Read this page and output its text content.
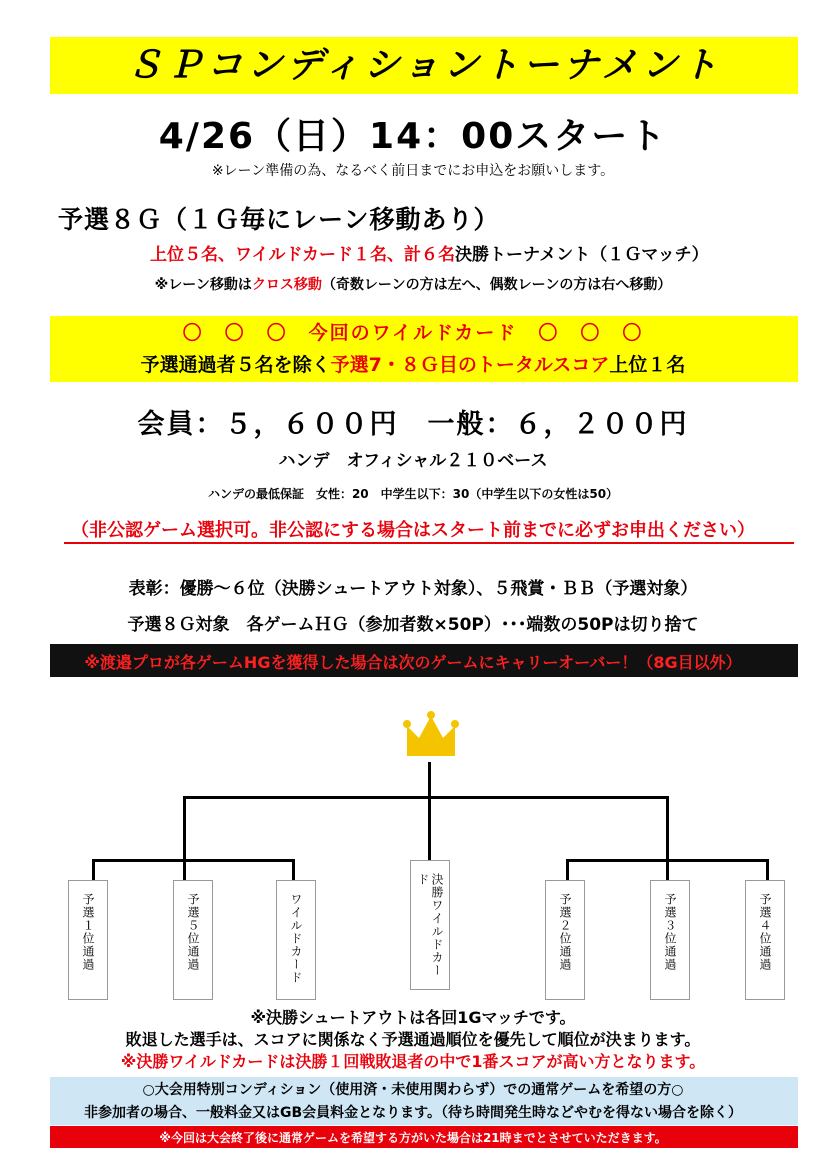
ＳＰコンディショントーナメント
4/26（日）14：00スタート
※レーン準備の為、なるべく前日までにお申込をお願いします。
予選８Ｇ（１Ｇ毎にレーン移動あり）
上位５名、ワイルドカード１名、計６名決勝トーナメント（１Ｇマッチ）
※レーン移動はクロス移動（奇数レーンの方は左へ、偶数レーンの方は右へ移動）
〇　〇　〇　今回のワイルドカード　〇　〇　〇
予選通過者５名を除く予選7・８Ｇ目のトータルスコア上位１名
会員：５，６００円　一般：６，２００円
ハンデ　オフィシャル２１０ベース
ハンデの最低保証　女性：20　中学生以下：30（中学生以下の女性は50）
（非公認ゲーム選択可。非公認にする場合はスタート前までに必ずお申出ください）
表彰：優勝～６位（決勝シュートアウト対象）、５飛賞・ＢＢ（予選対象）
予選８Ｇ対象　各ゲームＨＧ（参加者数×50P）･･･端数の50Pは切り捨て
※渡邉プロが各ゲームHGを獲得した場合は次のゲームにキャリーオーバー！（8G目以外）
予選１位通過	予選５位通過	ワイルドカード	決勝ワイルドカード
予選２位通過	予選３位通過	予選４位通過
※決勝シュートアウトは各回1Gマッチです。
敗退した選手は、スコアに関係なく予選通過順位を優先して順位が決まります。
※決勝ワイルドカードは決勝１回戦敗退者の中で1番スコアが高い方となります。
○大会用特別コンディション（使用済・未使用関わらず）での通常ゲームを希望の方○
非参加者の場合、一般料金又はGB会員料金となります。（待ち時間発生時などやむを得ない場合を除く）
※今回は大会終了後に通常ゲームを希望する方がいた場合は21時までとさせていただきます。
